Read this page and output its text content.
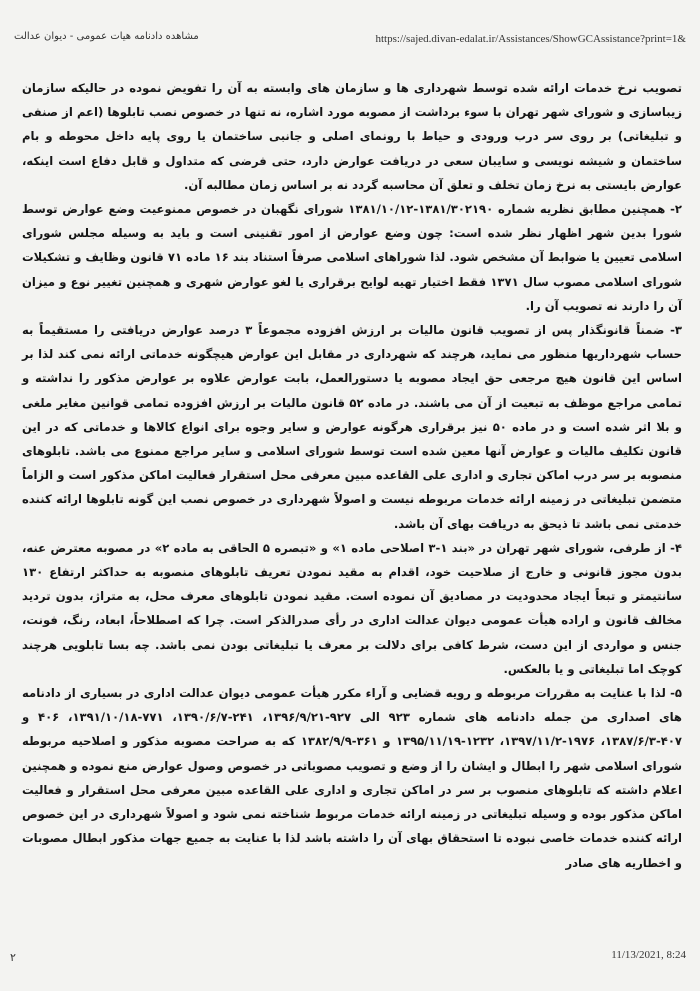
مشاهده دادنامه هیات عمومی - دیوان عدالت	https://sajed.divan-edalat.ir/Assistances/ShowGCAssistance?print=1&

تصویب نرخ خدمات ارائه شده توسط شهرداری ها و سازمان های وابسته به آن را تفویض نموده در حالیکه سازمان زیباسازی و شورای شهر تهران با سوء برداشت از مصوبه مورد اشاره، نه تنها در خصوص نصب تابلوها (اعم از صنفی و تبلیغاتی) بر روی سر درب ورودی و حیاط با رونمای اصلی و جانبی ساختمان یا روی پایه داخل محوطه و بام ساختمان و شیشه نویسی و سایبان سعی در دریافت عوارض دارد، حتی فرضی که متداول و قابل دفاع است اینکه، عوارض بایستی به نرخ زمان تخلف و تعلق آن محاسبه گردد نه بر اساس زمان مطالبه آن.

۲- همچنین مطابق نظریه شماره ۱۳۸۱/۳۰۲۱۹۰-۱۳۸۱/۱۰/۱۲ شورای نگهبان در خصوص ممنوعیت وضع عوارض توسط شورا بدین شهر اظهار نظر شده است: چون وضع عوارض از امور تقنینی است و باید به وسیله مجلس شورای اسلامی تعیین یا ضوابط آن مشخص شود. لذا شوراهای اسلامی صرفاً استناد بند ۱۶ ماده ۷۱ قانون وظایف و تشکیلات شورای اسلامی مصوب سال ۱۳۷۱ فقط اختیار تهیه لوایح برقراری یا لغو عوارض شهری و همچنین تغییر نوع و میزان آن را دارند نه تصویب آن را.

۳- ضمناً قانونگذار پس از تصویب قانون مالیات بر ارزش افزوده مجموعاً ۳ درصد عوارض دریافتی را مستقیماً به حساب شهرداریها منظور می نماید، هرچند که شهرداری در مقابل این عوارض هیچگونه خدماتی ارائه نمی کند لذا بر اساس این قانون هیچ مرجعی حق ایجاد مصوبه یا دستورالعمل، بابت عوارض علاوه بر عوارض مذکور را نداشته و تمامی مراجع موظف به تبعیت از آن می باشند. در ماده ۵۲ قانون مالیات بر ارزش افزوده تمامی قوانین مغایر ملغی و بلا اثر شده است و در ماده ۵۰ نیز برقراری هرگونه عوارض و سایر وجوه برای انواع کالاها و خدماتی که در این قانون تکلیف مالیات و عوارض آنها معین شده است توسط شورای اسلامی و سایر مراجع ممنوع می باشد. تابلوهای منصوبه بر سر درب اماکن تجاری و اداری علی القاعده مبین معرفی محل استقرار فعالیت اماکن مذکور است و الزاماً متضمن تبلیغاتی در زمینه ارائه خدمات مربوطه نیست و اصولاً شهرداری در خصوص نصب این گونه تابلوها ارائه کننده خدمتی نمی باشد تا ذیحق به دریافت بهای آن باشد.

۴- از طرفی، شورای شهر تهران در «بند ۱-۳ اصلاحی ماده ۱» و «تبصره ۵ الحاقی به ماده ۲» در مصوبه معترض عنه، بدون مجوز قانونی و خارج از صلاحیت خود، اقدام به مقید نمودن تعریف تابلوهای منصوبه به حداکثر ارتفاع ۱۳۰ سانتیمتر و تبعاً ایجاد محدودیت در مصادیق آن نموده است. مقید نمودن تابلوهای معرف محل، به متراژ، بدون تردید مخالف قانون و اراده هیأت عمومی دیوان عدالت اداری در رأی صدرالذکر است. چرا که اصطلاحاً، ابعاد، رنگ، فونت، جنس و مواردی از این دست، شرط کافی برای دلالت بر معرف یا تبلیغاتی بودن نمی باشد. چه بسا تابلویی هرچند کوچک اما تبلیغاتی و یا بالعکس.

۵- لذا با عنایت به مقررات مربوطه و رویه قضایی و آراء مکرر هیأت عمومی دیوان عدالت اداری در بسیاری از دادنامه های اصداری من جمله دادنامه های شماره ۹۲۳ الی ۹۲۷-۱۳۹۶/۹/۲۱، ۲۴۱-۱۳۹۰/۶/۷، ۷۷۱-۱۳۹۱/۱۰/۱۸، ۴۰۶ و ۴۰۷-۱۳۸۷/۶/۳، ۱۹۷۶-۱۳۹۷/۱۱/۲، ۱۲۳۲-۱۳۹۵/۱۱/۱۹ و ۳۶۱-۱۳۸۲/۹/۹ که به صراحت مصوبه مذکور و اصلاحیه مربوطه شورای اسلامی شهر را ابطال و ایشان را از وضع و تصویب مصوباتی در خصوص وصول عوارض منع نموده و همچنین اعلام داشته که تابلوهای منصوب بر سر در اماکن تجاری و اداری علی القاعده مبین معرفی محل استقرار و فعالیت اماکن مذکور بوده و وسیله تبلیغاتی در زمینه ارائه خدمات مربوط شناخته نمی شود و اصولاً شهرداری در این خصوص ارائه کننده خدمات خاصی نبوده تا استحقاق بهای آن را داشته باشد لذا با عنایت به جمیع جهات مذکور ابطال مصوبات و اخطاریه های صادر

۲	11/13/2021, 8:24
